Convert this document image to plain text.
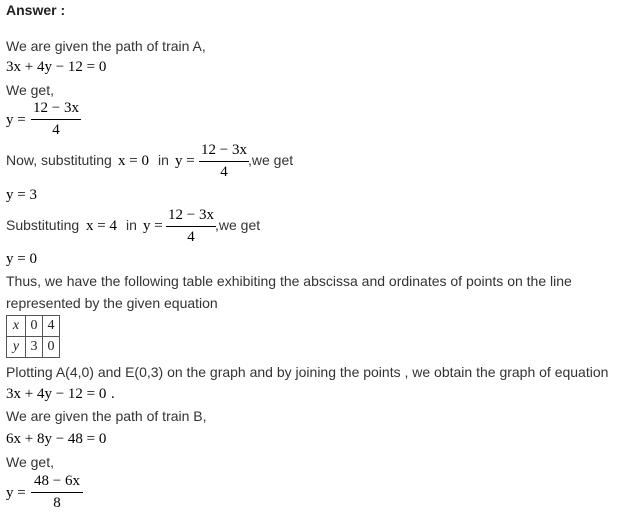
Answer :
We are given the path of train A,
3x + 4y − 12 = 0
We get,
y =
12 − 3x
4
Now, substituting x = 0 in y =
12 − 3x
4
,we get
y = 3
Substituting x = 4 in y =
12 − 3x
4
,we get
y = 0
Thus, we have the following table exhibiting the abscissa and ordinates of points on the line
represented by the given equation
x	0	4
y	3	0
Plotting A(4,0) and E(0,3) on the graph and by joining the points , we obtain the graph of equation
3x + 4y − 12 = 0 .
We are given the path of train B,
6x + 8y − 48 = 0
We get,
y =
48 − 6x
8
